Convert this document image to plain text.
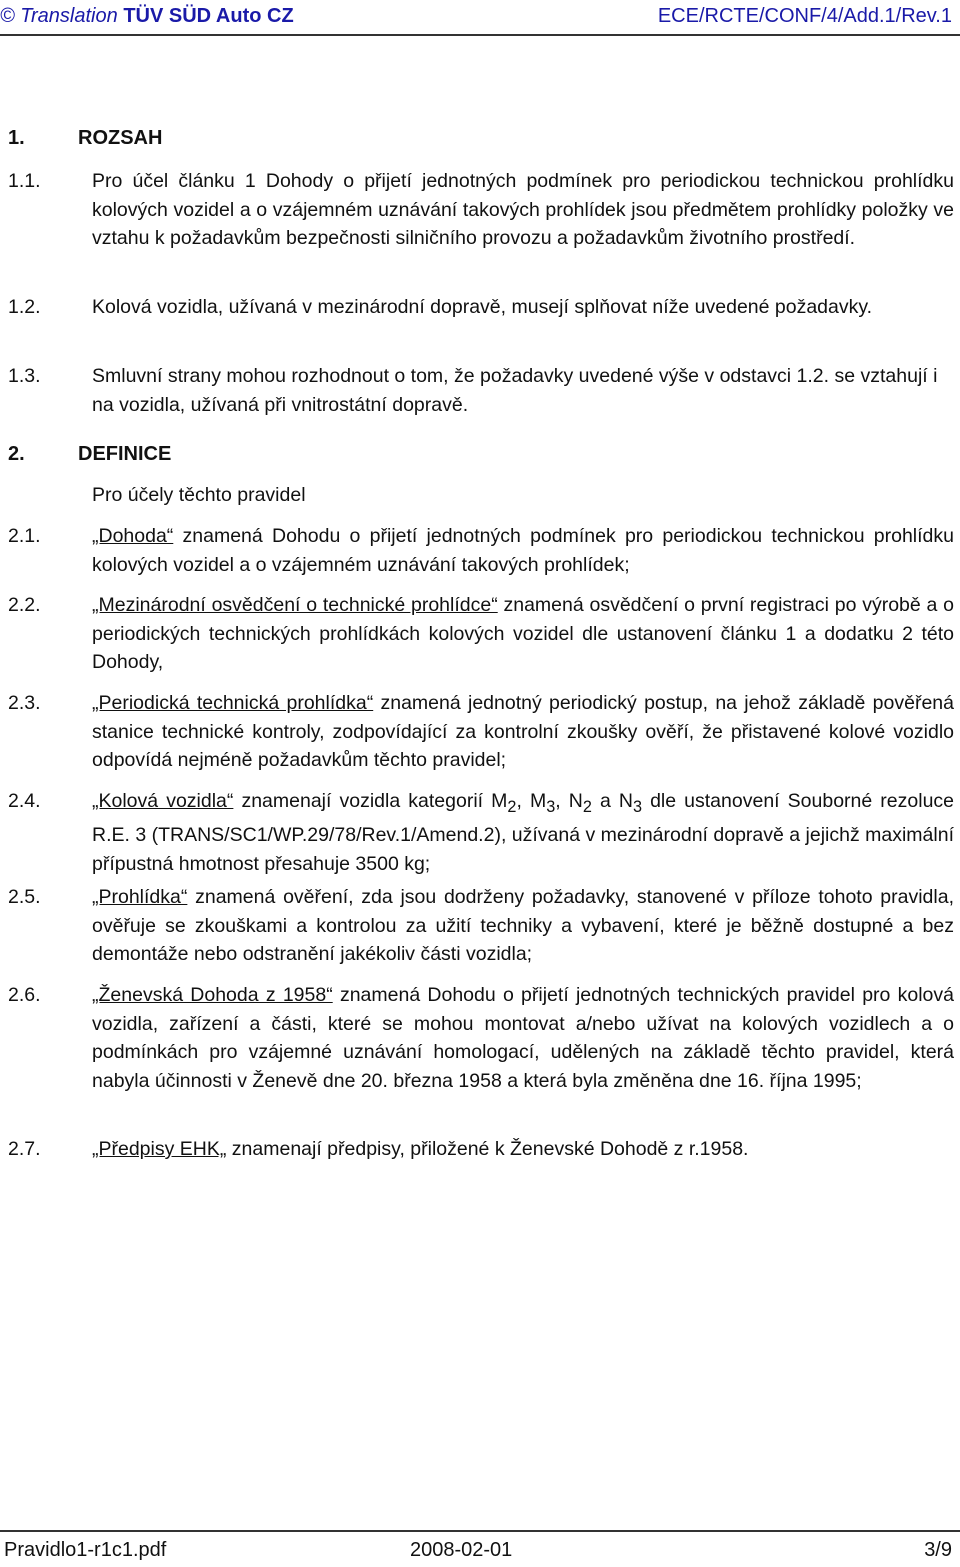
© Translation TÜV SÜD Auto CZ	ECE/RCTE/CONF/4/Add.1/Rev.1
1.	ROZSAH
1.1.	Pro účel článku 1 Dohody o přijetí jednotných podmínek pro periodickou technickou prohlídku kolových vozidel a o vzájemném uznávání takových prohlídek jsou předmětem prohlídky položky ve vztahu k požadavkům bezpečnosti silničního provozu a požadavkům životního prostředí.
1.2.	Kolová vozidla, užívaná v mezinárodní dopravě, musejí splňovat níže uvedené požadavky.
1.3.	Smluvní strany mohou rozhodnout o tom, že požadavky uvedené výše v odstavci 1.2. se vztahují i na vozidla, užívaná při vnitrostátní dopravě.
2.	DEFINICE
Pro účely těchto pravidel
2.1.	„Dohoda“ znamená Dohodu o přijetí jednotných podmínek pro periodickou technickou prohlídku kolových vozidel a o vzájemném uznávání takových prohlídek;
2.2.	„Mezinárodní osvědčení o technické prohlídce“ znamená osvědčení o první registraci po výrobě a o periodických technických prohlídkách kolových vozidel dle ustanovení článku 1 a dodatku 2 této Dohody,
2.3.	„Periodická technická prohlídka“ znamená jednotný periodický postup, na jehož základě pověřená stanice technické kontroly, zodpovídající za kontrolní zkoušky ověří, že přistavené kolové vozidlo odpovídá nejméně požadavkům těchto pravidel;
2.4.	„Kolová vozidla“ znamenají vozidla kategorií $M_2$, $M_3$, $N_2$ a $N_3$ dle ustanovení Souborné rezoluce R.E. 3 (TRANS/SC1/WP.29/78/Rev.1/Amend.2), užívaná v mezinárodní dopravě a jejichž maximální přípustná hmotnost přesahuje 3500 kg;
2.5.	„Prohlídka“ znamená ověření, zda jsou dodrženy požadavky, stanovené v příloze tohoto pravidla, ověřuje se zkouškami a kontrolou za užití techniky a vybavení, které je běžně dostupné a bez demontáže nebo odstranění jakékoliv části vozidla;
2.6.	„Ženevská Dohoda z 1958“ znamená Dohodu o přijetí jednotných technických pravidel pro kolová vozidla, zařízení a části, které se mohou montovat a/nebo užívat na kolových vozidlech a o podmínkách pro vzájemné uznávání homologací, udělených na základě těchto pravidel, která nabyla účinnosti v Ženevě dne 20. března 1958 a která byla změněna dne 16. října 1995;
2.7.	„Předpisy EHK„ znamenají předpisy, přiložené k Ženevské Dohodě z r.1958.
Pravidlo1-r1c1.pdf	2008-02-01	3/9
